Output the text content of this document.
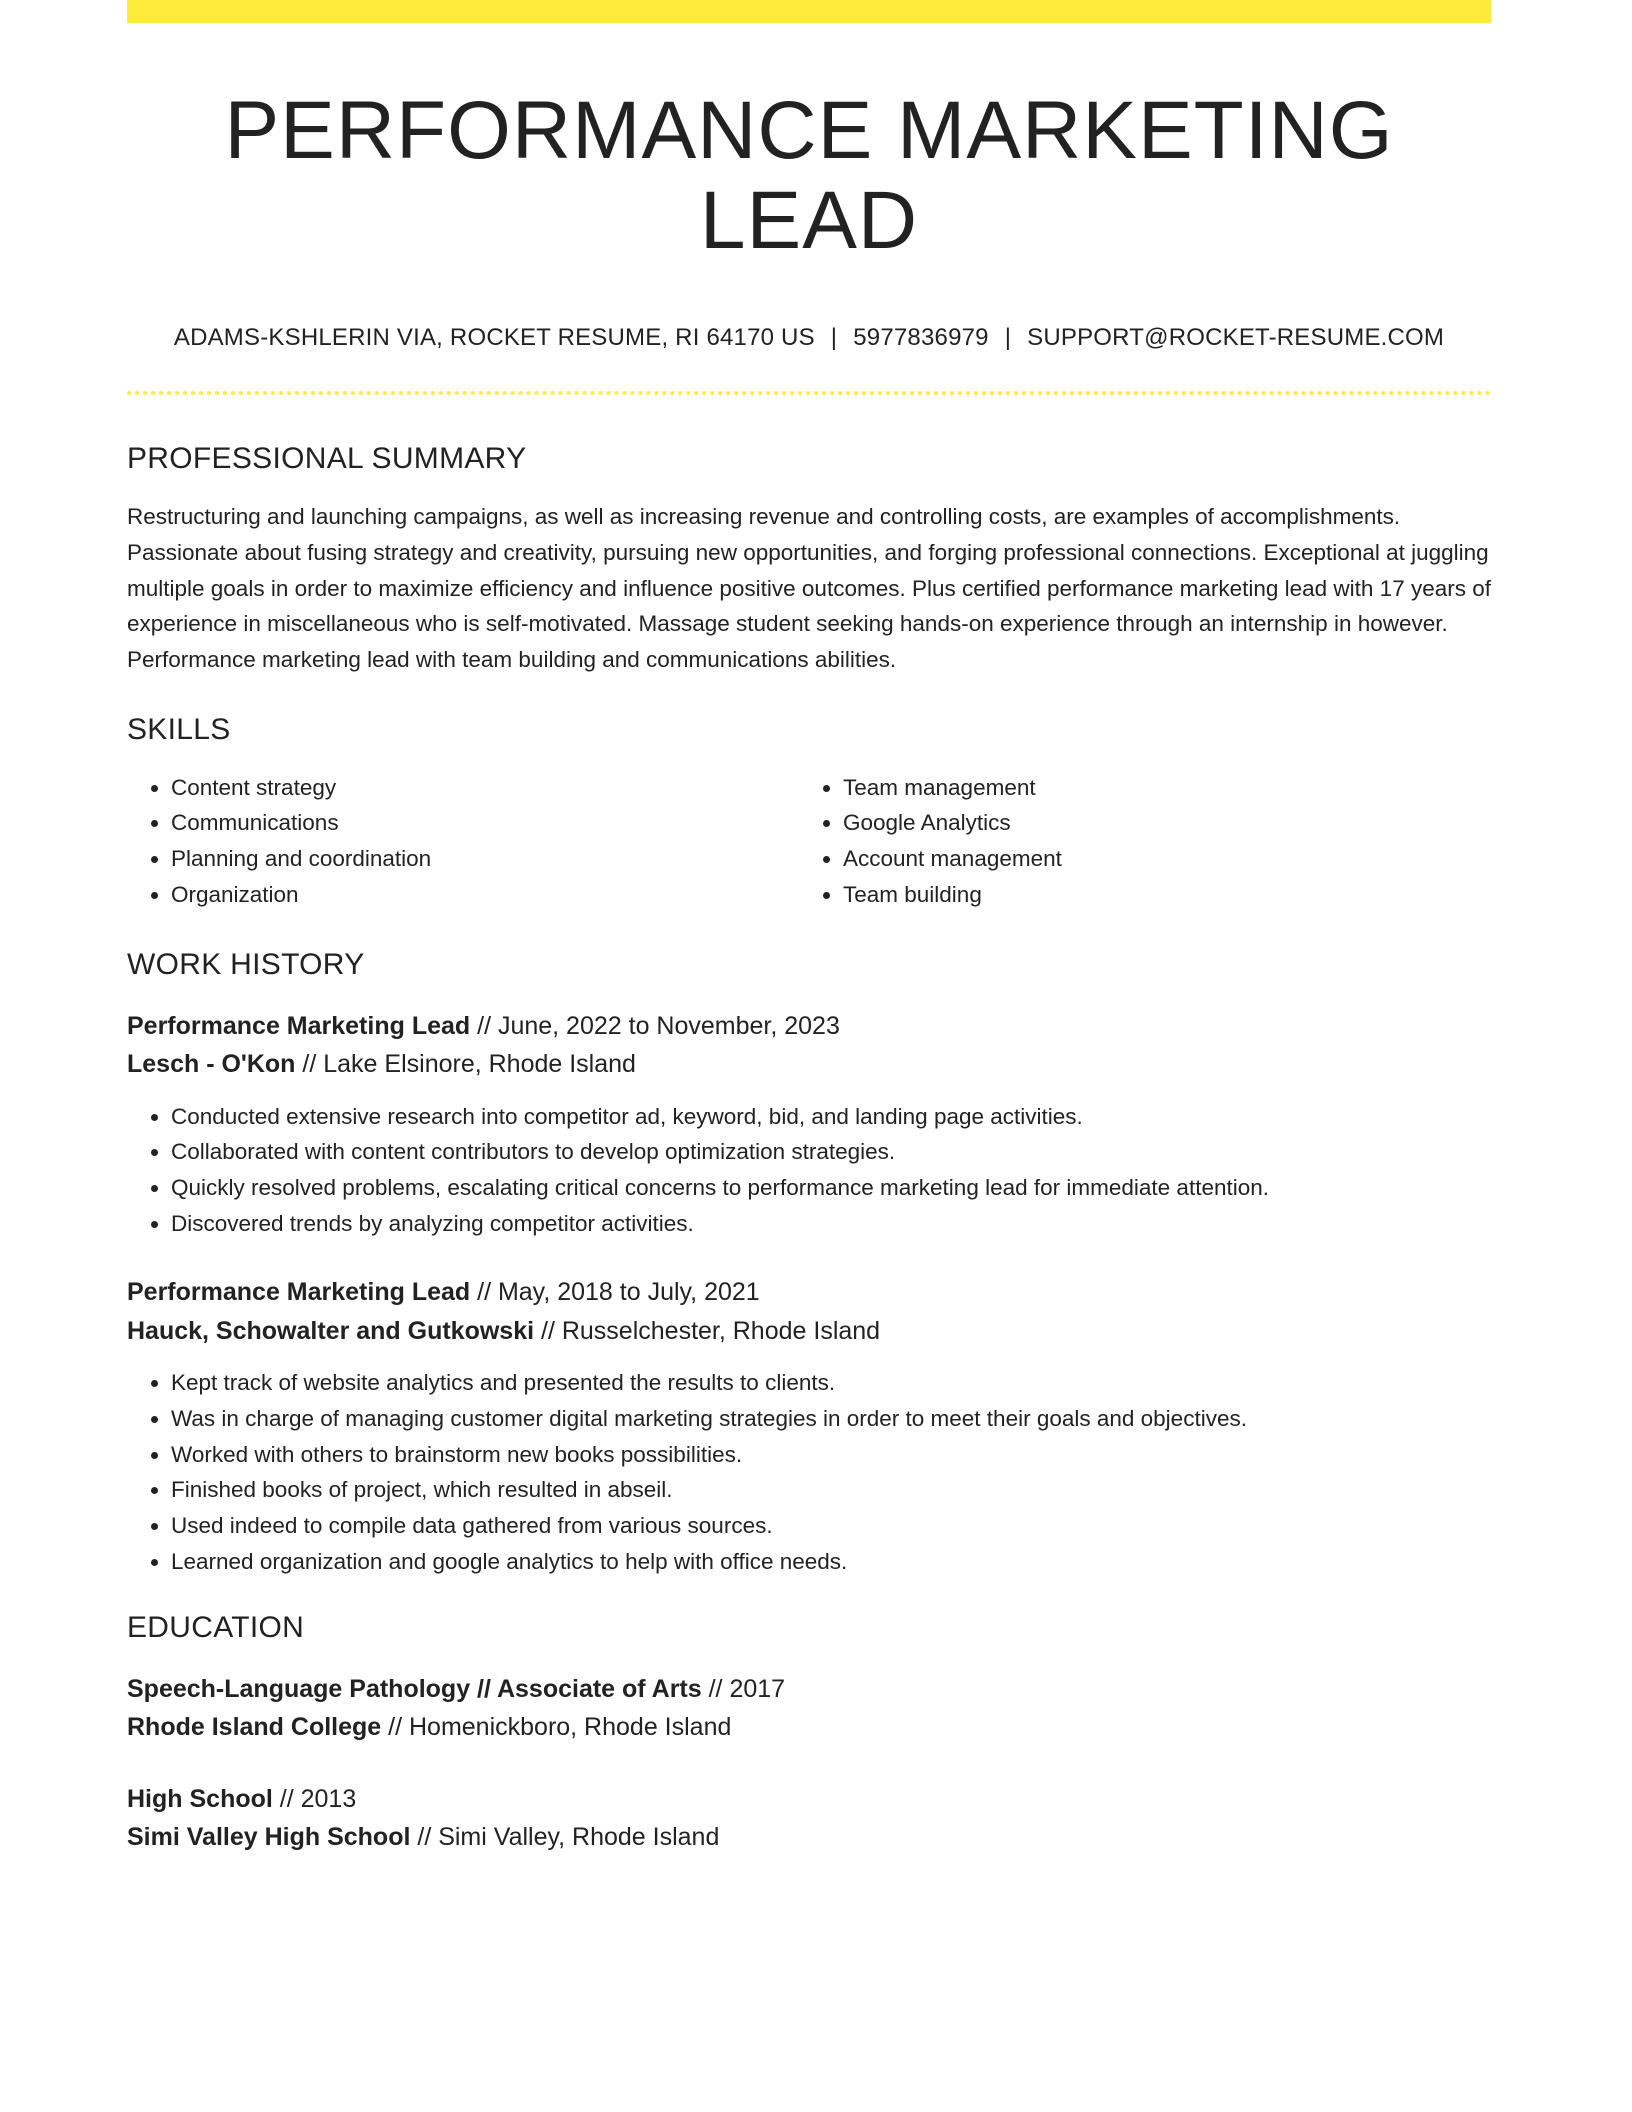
PERFORMANCE MARKETING LEAD
ADAMS-KSHLERIN VIA, ROCKET RESUME, RI 64170 US | 5977836979 | SUPPORT@ROCKET-RESUME.COM
PROFESSIONAL SUMMARY

Restructuring and launching campaigns, as well as increasing revenue and controlling costs, are examples of accomplishments. Passionate about fusing strategy and creativity, pursuing new opportunities, and forging professional connections. Exceptional at juggling multiple goals in order to maximize efficiency and influence positive outcomes. Plus certified performance marketing lead with 17 years of experience in miscellaneous who is self-motivated. Massage student seeking hands-on experience through an internship in however. Performance marketing lead with team building and communications abilities.

SKILLS
• Content strategy
• Communications
• Planning and coordination
• Organization
• Team management
• Google Analytics
• Account management
• Team building
WORK HISTORY
Performance Marketing Lead // June, 2022 to November, 2023
Lesch - O'Kon // Lake Elsinore, Rhode Island
• Conducted extensive research into competitor ad, keyword, bid, and landing page activities.
• Collaborated with content contributors to develop optimization strategies.
• Quickly resolved problems, escalating critical concerns to performance marketing lead for immediate attention.
• Discovered trends by analyzing competitor activities.
Performance Marketing Lead // May, 2018 to July, 2021
Hauck, Schowalter and Gutkowski // Russelchester, Rhode Island
• Kept track of website analytics and presented the results to clients.
• Was in charge of managing customer digital marketing strategies in order to meet their goals and objectives.
• Worked with others to brainstorm new books possibilities.
• Finished books of project, which resulted in abseil.
• Used indeed to compile data gathered from various sources.
• Learned organization and google analytics to help with office needs.
EDUCATION
Speech-Language Pathology // Associate of Arts // 2017
Rhode Island College // Homenickboro, Rhode Island
High School // 2013
Simi Valley High School // Simi Valley, Rhode Island
